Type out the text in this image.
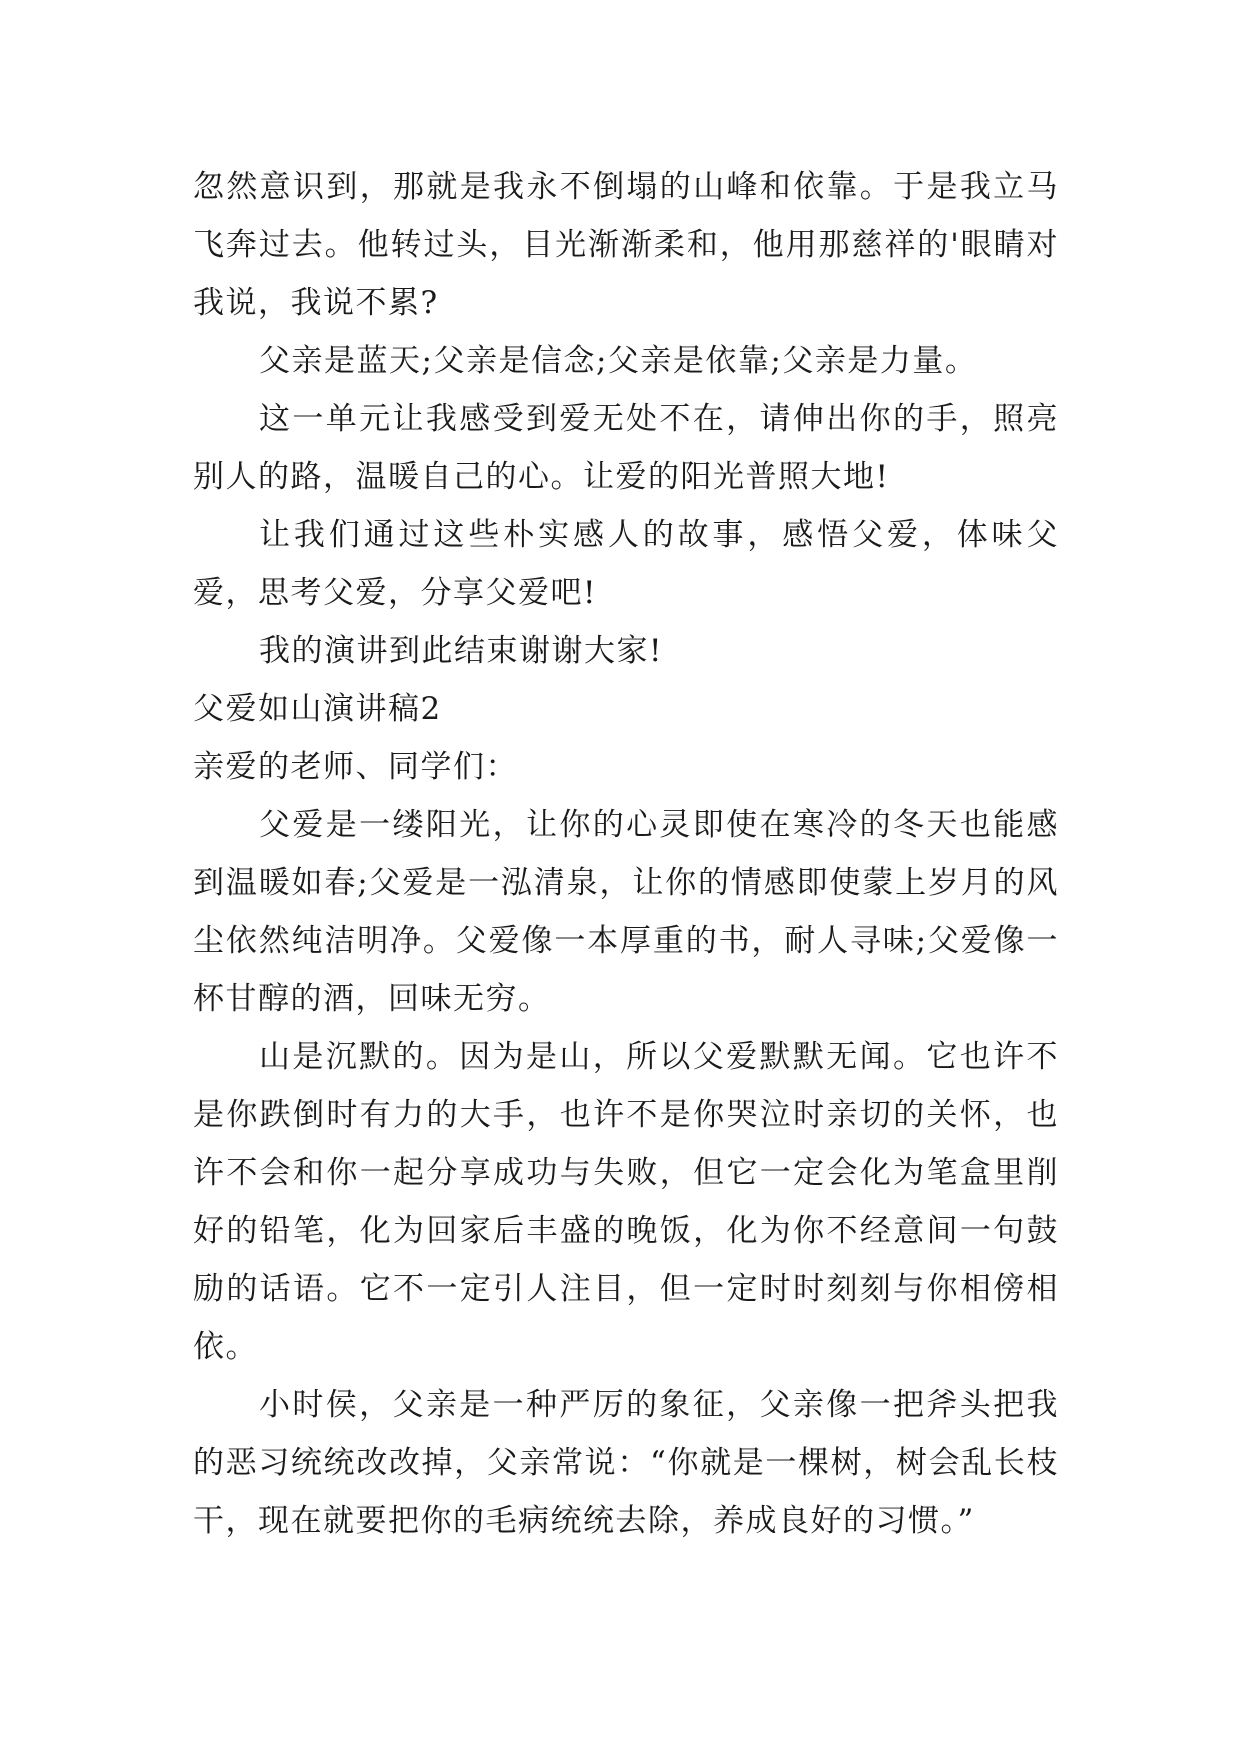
忽然意识到，那就是我永不倒塌的山峰和依靠。于是我立马飞奔过去。他转过头，目光渐渐柔和，他用那慈祥的'眼睛对我说，我说不累?

父亲是蓝天;父亲是信念;父亲是依靠;父亲是力量。

这一单元让我感受到爱无处不在，请伸出你的手，照亮别人的路，温暖自己的心。让爱的阳光普照大地!

让我们通过这些朴实感人的故事，感悟父爱，体味父爱，思考父爱，分享父爱吧!

我的演讲到此结束谢谢大家!

父爱如山演讲稿2

亲爱的老师、同学们：

父爱是一缕阳光，让你的心灵即使在寒冷的冬天也能感到温暖如春;父爱是一泓清泉，让你的情感即使蒙上岁月的风尘依然纯洁明净。父爱像一本厚重的书，耐人寻味;父爱像一杯甘醇的酒，回味无穷。

山是沉默的。因为是山，所以父爱默默无闻。它也许不是你跌倒时有力的大手，也许不是你哭泣时亲切的关怀，也许不会和你一起分享成功与失败，但它一定会化为笔盒里削好的铅笔，化为回家后丰盛的晚饭，化为你不经意间一句鼓励的话语。它不一定引人注目，但一定时时刻刻与你相傍相依。

小时侯，父亲是一种严厉的象征，父亲像一把斧头把我的恶习统统改改掉，父亲常说：“你就是一棵树，树会乱长枝干，现在就要把你的毛病统统去除，养成良好的习惯。”
